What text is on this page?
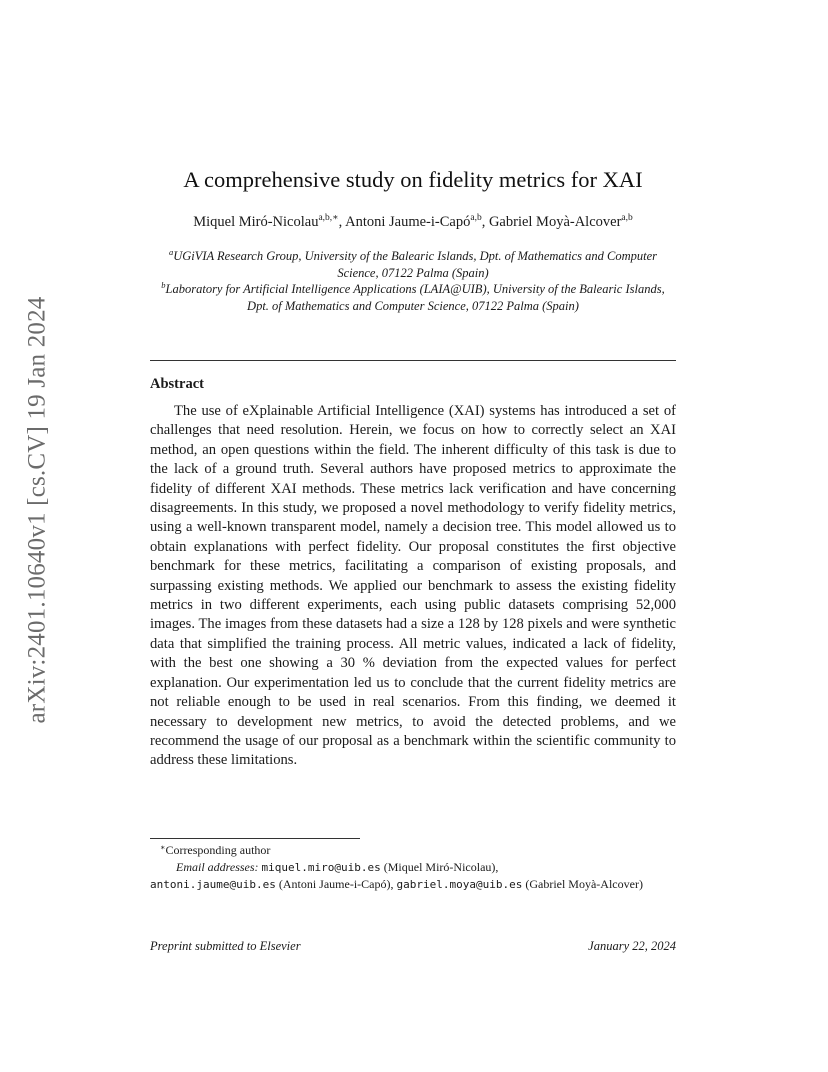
arXiv:2401.10640v1 [cs.CV] 19 Jan 2024
A comprehensive study on fidelity metrics for XAI
Miquel Miró-Nicolau$^{a,b,∗}$, Antoni Jaume-i-Capó$^{a,b}$, Gabriel Moyà-Alcover$^{a,b}$
$^a$UGiVIA Research Group, University of the Balearic Islands, Dpt. of Mathematics and Computer Science, 07122 Palma (Spain)
$^b$Laboratory for Artificial Intelligence Applications (LAIA@UIB), University of the Balearic Islands, Dpt. of Mathematics and Computer Science, 07122 Palma (Spain)
Abstract
The use of eXplainable Artificial Intelligence (XAI) systems has introduced a set of challenges that need resolution. Herein, we focus on how to correctly select an XAI method, an open questions within the field. The inherent difficulty of this task is due to the lack of a ground truth. Several authors have proposed metrics to approximate the fidelity of different XAI methods. These metrics lack verification and have concerning disagreements. In this study, we proposed a novel methodology to verify fidelity metrics, using a well-known transparent model, namely a decision tree. This model allowed us to obtain explanations with perfect fidelity. Our proposal constitutes the first objective benchmark for these metrics, facilitating a comparison of existing proposals, and surpassing existing methods. We applied our benchmark to assess the existing fidelity metrics in two different experiments, each using public datasets comprising 52,000 images. The images from these datasets had a size a 128 by 128 pixels and were synthetic data that simplified the training process. All metric values, indicated a lack of fidelity, with the best one showing a 30 % deviation from the expected values for perfect explanation. Our experimentation led us to conclude that the current fidelity metrics are not reliable enough to be used in real scenarios. From this finding, we deemed it necessary to development new metrics, to avoid the detected problems, and we recommend the usage of our proposal as a benchmark within the scientific community to address these limitations.
∗Corresponding author
Email addresses: miquel.miro@uib.es (Miquel Miró-Nicolau),
antoni.jaume@uib.es (Antoni Jaume-i-Capó), gabriel.moya@uib.es (Gabriel Moyà-Alcover)
Preprint submitted to Elsevier	January 22, 2024
